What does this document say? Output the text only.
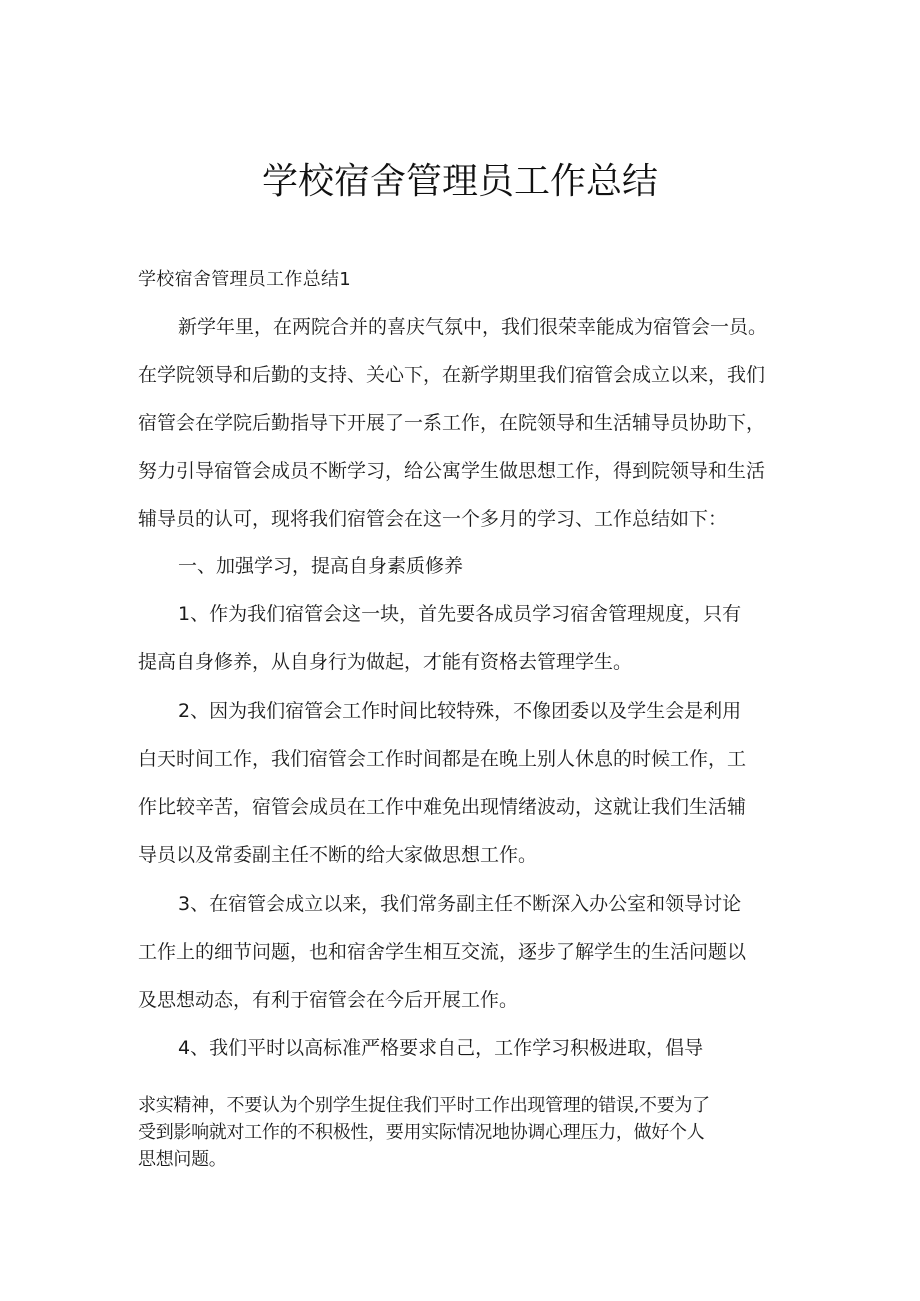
学校宿舍管理员工作总结
学校宿舍管理员工作总结1
新学年里，在两院合并的喜庆气氛中，我们很荣幸能成为宿管会一员。
在学院领导和后勤的支持、关心下，在新学期里我们宿管会成立以来，我们
宿管会在学院后勤指导下开展了一系工作，在院领导和生活辅导员协助下，
努力引导宿管会成员不断学习，给公寓学生做思想工作，得到院领导和生活
辅导员的认可，现将我们宿管会在这一个多月的学习、工作总结如下：
一、加强学习，提高自身素质修养
1、作为我们宿管会这一块，首先要各成员学习宿舍管理规度，只有
提高自身修养，从自身行为做起，才能有资格去管理学生。
2、因为我们宿管会工作时间比较特殊，不像团委以及学生会是利用
白天时间工作，我们宿管会工作时间都是在晚上别人休息的时候工作，工
作比较辛苦，宿管会成员在工作中难免出现情绪波动，这就让我们生活辅
导员以及常委副主任不断的给大家做思想工作。
3、在宿管会成立以来，我们常务副主任不断深入办公室和领导讨论
工作上的细节问题，也和宿舍学生相互交流，逐步了解学生的生活问题以
及思想动态，有利于宿管会在今后开展工作。
4、我们平时以高标准严格要求自己，工作学习积极进取，倡导
求实精神，不要认为个别学生捉住我们平时工作出现管理的错误,不要为了
受到影响就对工作的不积极性，要用实际情况地协调心理压力，做好个人
思想问题。
